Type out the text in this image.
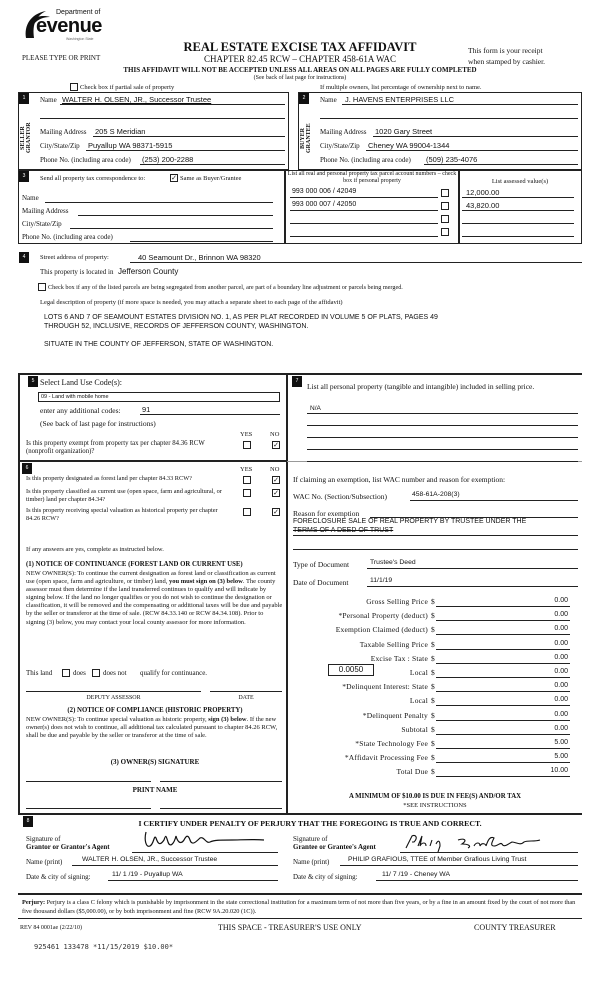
Department of
evenue
Washington State
PLEASE TYPE OR PRINT
REAL ESTATE EXCISE TAX AFFIDAVIT
CHAPTER 82.45 RCW – CHAPTER 458-61A WAC
This form is your receipt
when stamped by cashier.
THIS AFFIDAVIT WILL NOT BE ACCEPTED UNLESS ALL AREAS ON ALL PAGES ARE FULLY COMPLETED
(See back of last page for instructions)
Check box if partial sale of property	If multiple owners, list percentage of ownership next to name.
1
SELLER
GRANTOR
Name WALTER H. OLSEN, JR., Successor Trustee
Mailing Address 205 S Meridian
City/State/Zip Puyallup WA 98371-5915
Phone No. (including area code) (253) 200-2288
2
BUYER
GRANTEE
Name J. HAVENS ENTERPRISES LLC
Mailing Address 1020 Gary Street
City/State/Zip Cheney WA 99004-1344
Phone No. (including area code) (509) 235-4076
3	Send all property tax correspondence to:	✓ Same as Buyer/Grantee
Name
Mailing Address
City/State/Zip
Phone No. (including area code)
List all real and personal property tax parcel account numbers – check box if personal property	List assessed value(s)
4	Street address of property:	40 Seamount Dr., Brinnon WA 98320
This property is located in Jefferson County
Check box if any of the listed parcels are being segregated from another parcel, are part of a boundary line adjustment or parcels being merged.
Legal description of property (if more space is needed, you may attach a separate sheet to each page of the affidavit)
LOTS 6 AND 7 OF SEAMOUNT ESTATES DIVISION NO. 1, AS PER PLAT RECORDED IN VOLUME 5 OF PLATS, PAGES 49
THROUGH 52, INCLUSIVE, RECORDS OF JEFFERSON COUNTY, WASHINGTON.
SITUATE IN THE COUNTY OF JEFFERSON, STATE OF WASHINGTON.
5 Select Land Use Code(s):
09 - Land with mobile home
enter any additional codes:	91
(See back of last page for instructions)
YES	NO
Is this property exempt from property tax per chapter 84.36 RCW (nonprofit organization)?
✓
7
List all personal property (tangible and intangible) included in selling price.
6	YES	NO
If any answers are yes, complete as instructed below.
(1) NOTICE OF CONTINUANCE (FOREST LAND OR CURRENT USE)
NEW OWNER(S): To continue the current designation as forest land or classification as current use (open space, farm and agriculture, or timber) land, you must sign on (3) below. The county assessor must then determine if the land transferred continues to qualify and will indicate by signing below. If the land no longer qualifies or you do not wish to continue the designation or classification, it will be removed and the compensating or additional taxes will be due and payable by the seller or transferor at the time of sale. (RCW 84.33.140 or RCW 84.34.108). Prior to signing (3) below, you may contact your local county assessor for more information.
This land	does does not qualify for continuance.
DEPUTY ASSESSOR	DATE
(2) NOTICE OF COMPLIANCE (HISTORIC PROPERTY)
NEW OWNER(S): To continue special valuation as historic property, sign (3) below. If the new owner(s) does not wish to continue, all additional tax calculated pursuant to chapter 84.26 RCW, shall be due and payable by the seller or transferor at the time of sale.
(3) OWNER(S) SIGNATURE
PRINT NAME
If claiming an exemption, list WAC number and reason for exemption:
WAC No. (Section/Subsection)	458-61A-208(3)
Reason for exemption
FORECLOSURE SALE OF REAL PROPERTY BY TRUSTEE UNDER THE
TERMS OF A DEED OF TRUST
Type of Document	Trustee's Deed
Date of Document	11/1/19
0.0050
A MINIMUM OF $10.00 IS DUE IN FEE(S) AND/OR TAX
*SEE INSTRUCTIONS
8	I CERTIFY UNDER PENALTY OF PERJURY THAT THE FOREGOING IS TRUE AND CORRECT.
Signature of
Grantor or Grantor's Agent
Name (print)	WALTER H. OLSEN, JR., Successor Trustee
Date & city of signing:	11/ 1 /19 - Puyallup WA
Signature of
Grantee or Grantee's Agent
Name (print)	PHILIP GRAFIOUS, TTEE of Member Grafious Living Trust
Date & city of signing:	11/ 7 /19 - Cheney WA
Perjury: Perjury is a class C felony which is punishable by imprisonment in the state correctional institution for a maximum term of not more than five years, or by a fine in an amount fixed by the court of not more than five thousand dollars ($5,000.00), or by both imprisonment and fine (RCW 9A.20.020 (1C)).
REV 84 0001ae (2/22/10)	THIS SPACE - TREASURER'S USE ONLY	COUNTY TREASURER
925461 133478 *11/15/2019 $10.00*
993 000 006 / 42049	12,000.00
993 000 007 / 42050	43,820.00
N/A
Is this property designated as forest land per chapter 84.33 RCW?	✓
Is this property classified as current use (open space, farm and agricultural, or timber) land per chapter 84.34?
✓
Is this property receiving special valuation as historical property per chapter 84.26 RCW?
✓
Gross Selling Price $	0.00
*Personal Property (deduct) $	0.00
Exemption Claimed (deduct) $	0.00
Taxable Selling Price $	0.00
Excise Tax : State $	0.00
Local $	0.00
*Delinquent Interest: State $	0.00
Local $	0.00
*Delinquent Penalty $	0.00
Subtotal $	0.00
*State Technology Fee $	5.00
*Affidavit Processing Fee $	5.00
Total Due $	10.00
